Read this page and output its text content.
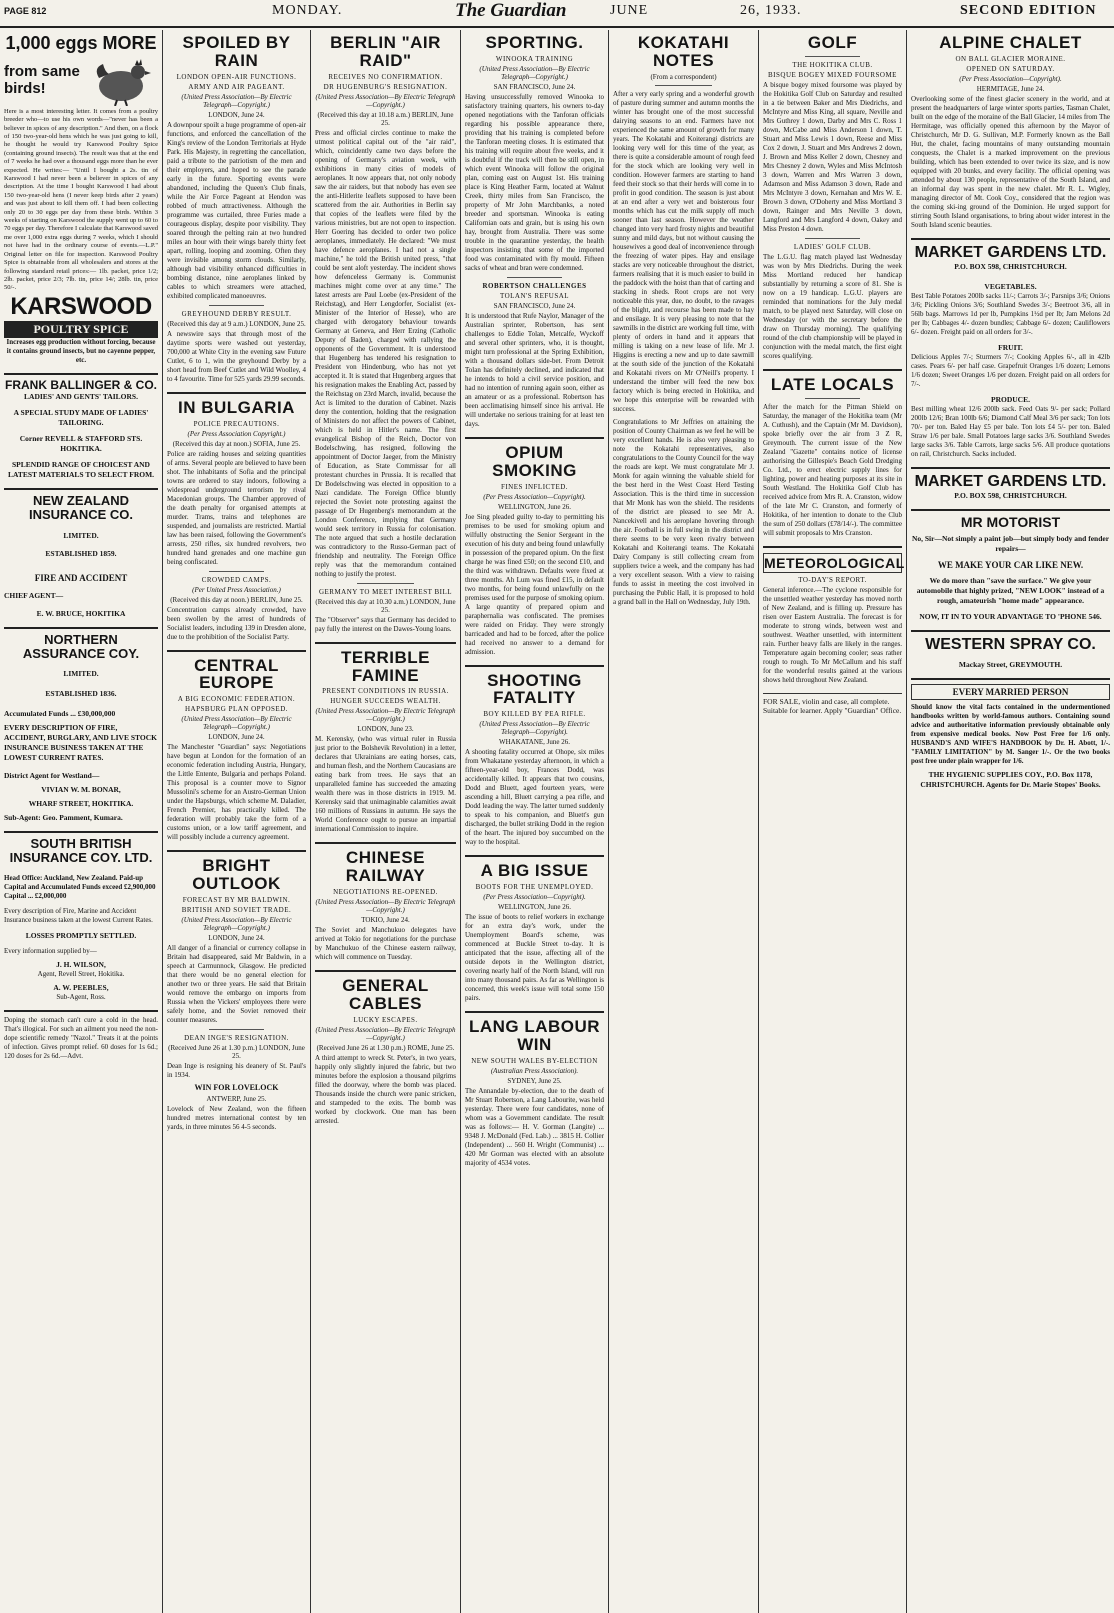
PAGE 812	MONDAY.	The Guardian	JUNE	26, 1933.	SECOND EDITION
1,000 eggs MORE
from same birds!

Here is a most interesting letter. It comes from a poultry breeder who—to use his own words—"never has been a believer in spices of any description." And then, on a flock of 150 two-year-old hens which he was just going to kill, he thought he would try Karswood Poultry Spice (containing ground insects). The result was that at the end of 7 weeks he had over a thousand eggs more than he ever expected. He writes:— "Until I bought a 2s. tin of Karswood I had never been a believer in spices of any description. At the time I bought Karswood I had about 150 two-year-old hens (I never keep birds after 2 years) and was just about to kill them off. I had been collecting only 20 to 30 eggs per day from these birds. Within 3 weeks of starting on Karswood the supply went up to 60 to 70 eggs per day. Therefore I calculate that Karswood saved me over 1,000 extra eggs during 7 weeks, which I should not have had in the ordinary course of events.—L.P." Original letter on file for inspection. Karswood Poultry Spice is obtainable from all wholesalers and stores at the following standard retail prices:— 1lb. packet, price 1/2; 2lb. packet, price 2/3; 7lb. tin, price 14/; 28lb. tin, price 50/-.

KARSWOOD
POULTRY SPICE
Increases egg production without forcing, because it contains ground insects, but no cayenne pepper, etc.
FRANK BALLINGER & CO.
LADIES' AND GENTS' TAILORS.
A SPECIAL STUDY MADE OF LADIES' TAILORING.
Corner REVELL & STAFFORD STS. HOKITIKA.
SPLENDID RANGE OF CHOICEST AND LATEST MATERIALS TO SELECT FROM.
NEW ZEALAND INSURANCE CO.
LIMITED.
ESTABLISHED 1859.
FIRE AND ACCIDENT
CHIEF AGENT—
E. W. BRUCE, HOKITIKA
NORTHERN ASSURANCE COY.
LIMITED.
ESTABLISHED 1836.
Accumulated Funds ... £30,000,000
EVERY DESCRIPTION OF FIRE, ACCIDENT, BURGLARY, AND LIVE STOCK INSURANCE BUSINESS TAKEN AT THE LOWEST CURRENT RATES.
District Agent for Westland—
VIVIAN W. M. BONAR,
WHARF STREET, HOKITIKA.
Sub-Agent: Geo. Pamment, Kumara.
SOUTH BRITISH INSURANCE COY. LTD.
Head Office: Auckland, New Zealand. Paid-up Capital and Accumulated Funds exceed £2,900,000 Capital ... £2,000,000
Every description of Fire, Marine and Accident Insurance business taken at the lowest Current Rates.
LOSSES PROMPTLY SETTLED.
Every information supplied by—
J. H. WILSON,
Agent, Revell Street, Hokitika.
A. W. PEEBLES,
Sub-Agent, Ross.

Doping the stomach can't cure a cold in the head. That's illogical. For such an ailment you need the non-dope scientific remedy "Nazol." Treats it at the points of infection. Gives prompt relief. 60 doses for 1s 6d.; 120 doses for 2s 6d.—Advt.

SPOILED BY RAIN
LONDON OPEN-AIR FUNCTIONS.
ARMY AND AIR PAGEANT.
(United Press Association—By Electric Telegraph—Copyright.)
LONDON, June 24.

A downpour spoilt a huge programme of open-air functions, and enforced the cancellation of the King's review of the London Territorials at Hyde Park. His Majesty, in regretting the cancellation, paid a tribute to the patriotism of the men and their employers, and hoped to see the parade early in the future. Sporting events were abandoned, including the Queen's Club finals, while the Air Force Pageant at Hendon was robbed of much attractiveness. Although the programme was curtailed, three Furies made a courageous display, despite poor visibility. They soared through the pelting rain at two hundred miles an hour with their wings barely thirty feet apart, rolling, looping and zooming. Often they were invisible among storm clouds. Similarly, although bad visibility enhanced difficulties in bombing distance, nine aeroplanes linked by cables to which streamers were attached, exhibited complicated manoeuvres.

GREYHOUND DERBY RESULT.
(Received this day at 9 a.m.) LONDON, June 25.

A newswire says that through most of the daytime sports were washed out yesterday, 700,000 at White City in the evening saw Future Cutlet, 6 to 1, win the greyhound Derby by a short head from Beef Cutlet and Wild Woolley, 4 to 4 favourite. Time for 525 yards 29.99 seconds.

IN BULGARIA
POLICE PRECAUTIONS.
(Per Press Association Copyright.)
(Received this day at noon.) SOFIA, June 25.

Police are raiding houses and seizing quantities of arms. Several people are believed to have been shot. The inhabitants of Sofia and the principal towns are ordered to stay indoors, following a widespread underground terrorism by rival Macedonian groups. The Chamber approved of the death penalty for organised attempts at murder. Trams, trains and telephones are suspended, and journalists are restricted. Martial law has been raised, following the Government's arrests, 250 rifles, six hundred revolvers, two hundred hand grenades and one machine gun being confiscated.

CROWDED CAMPS.
(Per United Press Association.)
(Received this day at noon.) BERLIN, June 25.

Concentration camps already crowded, have been swollen by the arrest of hundreds of Socialist leaders, including 139 in Dresden alone, due to the prohibition of the Socialist Party.

CENTRAL EUROPE
A BIG ECONOMIC FEDERATION.
HAPSBURG PLAN OPPOSED.
(United Press Association—By Electric Telegraph—Copyright.)
LONDON, June 24.

The Manchester "Guardian" says: Negotiations have begun at London for the formation of an economic federation including Austria, Hungary, the Little Entente, Bulgaria and perhaps Poland. This proposal is a counter move to Signor Mussolini's scheme for an Austro-German Union under the Hapsburgs, which scheme M. Daladier, French Premier, has practically killed. The federation will probably take the form of a customs union, or a low tariff agreement, and will possibly include a currency agreement.

BRIGHT OUTLOOK
FORECAST BY MR BALDWIN.
BRITISH AND SOVIET TRADE.
(United Press Association—By Electric Telegraph—Copyright.)
LONDON, June 24.

All danger of a financial or currency collapse in Britain had disappeared, said Mr Baldwin, in a speech at Carmunnock, Glasgow. He predicted that there would be no general election for another two or three years. He said that Britain would remove the embargo on imports from Russia when the Vickers' employees there were safely home, and the Soviet removed their counter measures.

DEAN INGE'S RESIGNATION.
(Received June 26 at 1.30 p.m.) LONDON, June 25.

Dean Inge is resigning his deanery of St. Paul's in 1934.

WIN FOR LOVELOCK
ANTWERP, June 25.

Lovelock of New Zealand, won the fifteen hundred metres international contest by ten yards, in three minutes 56 4-5 seconds.

BERLIN "AIR RAID"
RECEIVES NO CONFIRMATION.
DR HUGENBURG'S RESIGNATION.
(United Press Association—By Electric Telegraph—Copyright.)
(Received this day at 10.18 a.m.) BERLIN, June 25.

Press and official circles continue to make the utmost political capital out of the "air raid", which, coincidently came two days before the opening of Germany's aviation week, with exhibitions in many cities of models of aeroplanes. It now appears that, not only nobody saw the air raiders, but that nobody has even see the anti-Hitlerite leaflets supposed to have been scattered from the air. Authorities in Berlin say that copies of the leaflets were filed by the various ministries, but are not open to inspection. Herr Goering has decided to order two police aeroplanes, immediately. He declared: "We must have defence aeroplanes. I had not a single machine," he told the British united press, "that could be sent aloft yesterday. The incident shows how defenceless Germany is. Communist machines might come over at any time." The latest arrests are Paul Loebe (ex-President of the Reichstag), and Herr Lengdorfer, Socialist (ex-Minister of the Interior of Hesse), who are charged with derogatory behaviour towards Germany at Geneva, and Herr Erzing (Catholic Deputy of Baden), charged with rallying the opponents of the Government. It is understood that Hugenberg has tendered his resignation to President von Hindenburg, who has not yet accepted it. It is stated that Hugenberg argues that his resignation makes the Enabling Act, passed by the Reichstag on 23rd March, invalid, because the Act is limited to the duration of Cabinet. Nazis deny the contention, holding that the resignation of Ministers do not affect the powers of Cabinet, which is held in Hitler's name. The first evangelical Bishop of the Reich, Doctor von Bodelschwing, has resigned, following the appointment of Doctor Jaeger, from the Ministry of Education, as State Commissar for all protestant churches in Prussia. It is recalled that Dr Bodelschwing was elected in opposition to a Nazi candidate. The Foreign Office bluntly rejected the Soviet note protesting against the passage of Dr Hugenberg's memorandum at the London Conference, implying that Germany would seek territory in Russia for colonisation. The note argued that such a hostile declaration was contradictory to the Russo-German pact of friendship and neutrality. The Foreign Office reply was that the memorandum contained nothing to justify the protest.

GERMANY TO MEET INTEREST BILL
(Received this day at 10.30 a.m.) LONDON, June 25.

The "Observer" says that Germany has decided to pay fully the interest on the Dawes-Young loans.

TERRIBLE FAMINE
PRESENT CONDITIONS IN RUSSIA.
HUNGER SUCCEEDS WEALTH.
(United Press Association—By Electric Telegraph—Copyright.)
LONDON, June 23.

M. Kerensky, (who was virtual ruler in Russia just prior to the Bolshevik Revolution) in a letter, declares that Ukrainians are eating horses, cats, and human flesh, and the Northern Caucasians are eating bark from trees. He says that an unparalleled famine has succeeded the amazing wealth there was in those districts in 1919. M. Kerensky said that unimaginable calamities await 160 millions of Russians in autumn. He says the World Conference ought to pursue an impartial international Commission to inquire.

CHINESE RAILWAY
NEGOTIATIONS RE-OPENED.
(United Press Association—By Electric Telegraph—Copyright.)
TOKIO, June 24.

The Soviet and Manchukuo delegates have arrived at Tokio for negotiations for the purchase by Manchukuo of the Chinese eastern railway, which will commence on Tuesday.

GENERAL CABLES
LUCKY ESCAPES.
(United Press Association—By Electric Telegraph—Copyright.)
(Received June 26 at 1.30 p.m.) ROME, June 25.

A third attempt to wreck St. Peter's, in two years, happily only slightly injured the fabric, but two minutes before the explosion a thousand pilgrims filled the doorway, where the bomb was placed. Thousands inside the church were panic stricken, and stampeded to the exits. The bomb was worked by clockwork. One man has been arrested.

SPORTING.
WINOOKA TRAINING
(United Press Association—By Electric Telegraph—Copyright.)
SAN FRANCISCO, June 24.

Having unsuccessfully removed Winooka to satisfactory training quarters, his owners to-day opened negotiations with the Tanforan officials regarding his possible appearance there, providing that his training is completed before the Tanforan meeting closes. It is estimated that his training will require about five weeks, and it is doubtful if the track will then be still open, in which event Winooka will follow the original plan, coming east on August 1st. His training place is King Heather Farm, located at Walnut Creek, thirty miles from San Francisco, the property of Mr John Marchbanks, a noted breeder and sportsman. Winooka is eating Californian oats and grain, but is using his own hay, brought from Australia. There was some trouble in the quarantine yesterday, the health inspectors insisting that some of the imported food was contaminated with fly mould. Fifteen sacks of wheat and bran were condemned.

ROBERTSON CHALLENGES
TOLAN'S REFUSAL
SAN FRANCISCO, June 24.

It is understood that Rufe Naylor, Manager of the Australian sprinter, Robertson, has sent challenges to Eddie Tolan, Metcalfe, Wyckoff and several other sprinters, who, it is thought, might turn professional at the Spring Exhibition, with a thousand dollars side-bet. From Detroit Tolan has definitely declined, and indicated that he intends to hold a civil service position, and had no intention of running again soon, either as an amateur or as a professional. Robertson has been acclimatising himself since his arrival. He will undertake no serious training for at least ten days.

OPIUM SMOKING
FINES INFLICTED.
(Per Press Association—Copyright).
WELLINGTON, June 26.

Joe Sing pleaded guilty to-day to permitting his premises to be used for smoking opium and wilfully obstructing the Senior Sergeant in the execution of his duty and being found unlawfully in possession of the prepared opium. On the first charge he was fined £50; on the second £10, and the third was withdrawn. Defaults were fixed at three months. Ah Lum was fined £15, in default two months, for being found unlawfully on the premises used for the purpose of smoking opium. A large quantity of prepared opium and paraphernalia was confiscated. The premises were raided on Friday. They were strongly barricaded and had to be forced, after the police had received no answer to a demand for admission.

SHOOTING FATALITY
BOY KILLED BY PEA RIFLE.
(United Press Association—By Electric Telegraph—Copyright).
WHAKATANE, June 26.

A shooting fatality occurred at Ohope, six miles from Whakatane yesterday afternoon, in which a fifteen-year-old boy, Frances Dodd, was accidentally killed. It appears that two cousins, Dodd and Bluett, aged fourteen years, were ascending a hill, Bluett carrying a pea rifle, and Dodd leading the way. The latter turned suddenly to speak to his companion, and Bluett's gun discharged, the bullet striking Dodd in the region of the heart. The injured boy succumbed on the way to the hospital.

A BIG ISSUE
BOOTS FOR THE UNEMPLOYED.
(Per Press Association—Copyright).
WELLINGTON, June 26.

The issue of boots to relief workers in exchange for an extra day's work, under the Unemployment Board's scheme, was commenced at Buckle Street to-day. It is anticipated that the issue, affecting all of the outside depots in the Wellington district, covering nearly half of the North Island, will run into many thousand pairs. As far as Wellington is concerned, this week's issue will total some 150 pairs.

LANG LABOUR WIN
NEW SOUTH WALES BY-ELECTION
(Australian Press Association).
SYDNEY, June 25.

The Annandale by-election, due to the death of Mr Stuart Robertson, a Lang Labourite, was held yesterday. There were four candidates, none of whom was a Government candidate. The result was as follows:— H. V. Gorman (Langite) ... 9348 J. McDonald (Fed. Lab.) ... 3815 H. Collier (Independent) ... 560 H. Wright (Communist) ... 420 Mr Gorman was elected with an absolute majority of 4534 votes.

KOKATAHI NOTES
(From a correspondent)

After a very early spring and a wonderful growth of pasture during summer and autumn months the winter has brought one of the most successful dairying seasons to an end. Farmers have not experienced the same amount of growth for many years. The Kokatahi and Koiterangi districts are looking very well for this time of the year, as there is quite a considerable amount of rough feed for the stock which are looking very well in condition. However farmers are starting to hand feed their stock so that their herds will come in to profit in good condition. The season is just about at an end after a very wet and boisterous four months which has cut the milk supply off much sooner than last season. However the weather changed into very hard frosty nights and beautiful sunny and mild days, but not without causing the housewives a good deal of inconvenience through the freezing of water pipes. Hay and ensilage stacks are very noticeable throughout the district, farmers realising that it is much easier to build in the paddock with the hoist than that of carting and stacking in sheds. Root crops are not very noticeable this year, due, no doubt, to the ravages of the blight, and recourse has been made to hay and ensilage. It is very pleasing to note that the sawmills in the district are working full time, with plenty of orders in hand and it appears that milling is taking on a new lease of life. Mr J. Higgins is erecting a new and up to date sawmill at the south side of the junction of the Kokatahi and Kokatahi rivers on Mr O'Neill's property. I understand the timber will feed the new box factory which is being erected in Hokitika, and we hope this enterprise will be rewarded with success.

Congratulations to Mr Jeffries on attaining the position of County Chairman as we feel he will be very excellent hands. He is also very pleasing to note the Kokatahi representatives, also congratulations to the County Council for the way the roads are kept. We must congratulate Mr J. Monk for again winning the valuable shield for the best herd in the West Coast Herd Testing Association. This is the third time in succession that Mr Monk has won the shield. The residents of the district are pleased to see Mr A. Nancekivell and his aeroplane hovering through the air. Football is in full swing in the district and there seems to be very keen rivalry between Kokatahi and Koiterangi teams. The Kokatahi Dairy Company is still collecting cream from suppliers twice a week, and the company has had a very excellent season. With a view to raising funds to assist in meeting the cost involved in purchasing the Public Hall, it is proposed to hold a grand ball in the Hall on Wednesday, July 19th.

GOLF
THE HOKITIKA CLUB.
BISQUE BOGEY MIXED FOURSOME

A bisque bogey mixed foursome was played by the Hokitika Golf Club on Saturday and resulted in a tie between Baker and Mrs Diedrichs, and McIntyre and Miss King, all square, Neville and Mrs Guthrey 1 down, Darby and Mrs C. Ross 1 down, McCabe and Miss Anderson 1 down, T. Stuart and Miss Lewis 1 down, Reese and Miss Cox 2 down, J. Stuart and Mrs Andrews 2 down, J. Brown and Miss Keller 2 down, Chesney and Mrs Chesney 2 down, Wyles and Miss McIntosh 3 down, Warren and Mrs Warren 3 down, Adamson and Miss Adamson 3 down, Rade and Mrs McIntyre 3 down, Kernahan and Mrs W. E. Brown 3 down, O'Doherty and Miss Mortland 3 down, Rainger and Mrs Neville 3 down, Langford and Mrs Langford 4 down, Oakey and Miss Preston 4 down.

LADIES' GOLF CLUB.

The L.G.U. flag match played last Wednesday was won by Mrs Diedrichs. During the week Miss Mortland reduced her handicap substantially by returning a score of 81. She is now on a 19 handicap. L.G.U. players are reminded that nominations for the July medal match, to be played next Saturday, will close on Wednesday (or with the secretary before the draw on Thursday morning). The qualifying round of the club championship will be played in conjunction with the medal match, the first eight scores qualifying.

LATE LOCALS

After the match for the Pitman Shield on Saturday, the manager of the Hokitika team (Mr A. Cuthush), and the Captain (Mr M. Davidson), spoke briefly over the air from 3 Z R, Greymouth. The current issue of the New Zealand "Gazette" contains notice of license authorising the Gillespie's Beach Gold Dredging Co. Ltd., to erect electric supply lines for lighting, power and heating purposes at its site in South Westland. The Hokitika Golf Club has received advice from Mrs R. A. Cranston, widow of the late Mr C. Cranston, and formerly of Hokitika, of her intention to donate to the Club the sum of 250 dollars (£78/14/-). The committee will submit proposals to Mrs Cranston.

METEOROLOGICAL
TO-DAY'S REPORT.

General inference.—The cyclone responsible for the unsettled weather yesterday has moved north of New Zealand, and is filling up. Pressure has risen over Eastern Australia. The forecast is for moderate to strong winds, between west and southwest. Weather unsettled, with intermittent rain. Further heavy falls are likely in the ranges. Temperature again becoming cooler; seas rather rough to rough. To Mr McCallum and his staff for the wonderful results gained at the various shows held throughout New Zealand.

FOR SALE, violin and case, all complete. Suitable for learner. Apply "Guardian" Office.
ALPINE CHALET
ON BALL GLACIER MORAINE.
OPENED ON SATURDAY.
(Per Press Association—Copyright).
HERMITAGE, June 24.

Overlooking some of the finest glacier scenery in the world, and at present the headquarters of large winter sports parties, Tasman Chalet, built on the edge of the moraine of the Ball Glacier, 14 miles from The Hermitage, was officially opened this afternoon by the Mayor of Christchurch, Mr D. G. Sullivan, M.P. Formerly known as the Ball Hut, the chalet, facing mountains of many outstanding mountain conquests, the Chalet is a marked improvement on the previous building, which has been extended to over twice its size, and is now equipped with 20 bunks, and every facility. The official opening was attended by about 130 people, representative of the South Island, and an informal day was spent in the new chalet. Mr R. L. Wigley, managing director of Mt. Cook Coy., considered that the region was the coming ski-ing ground of the Dominion. He urged support for stirring South Island organisations, to bring about wider interest in the South Island scenic beauties.

MARKET GARDENS LTD.
P.O. BOX 598, CHRISTCHURCH.
VEGETABLES.

Best Table Potatoes 200lb sacks 11/-; Carrots 3/-; Parsnips 3/6; Onions 3/6; Pickling Onions 3/6; Southland Swedes 3/-; Beetroot 3/6, all in 56lb bags. Marrows 1d per lb, Pumpkins 1½d per lb; Jam Melons 2d per lb; Cabbages 4/- dozen bundles; Cabbage 6/- dozen; Cauliflowers 6/- dozen. Freight paid on all orders for 3/-.

FRUIT.

Delicious Apples 7/-; Sturmers 7/-; Cooking Apples 6/-, all in 42lb cases. Pears 6/- per half case. Grapefruit Oranges 1/6 dozen; Lemons 1/6 dozen; Sweet Oranges 1/6 per dozen. Freight paid on all orders for 7/-.

PRODUCE.

Best milling wheat 12/6 200lb sack. Feed Oats 9/- per sack; Pollard 200lb 12/6; Bran 100lb 6/6; Diamond Calf Meal 3/6 per sack; Ton lots 70/- per ton. Baled Hay £5 per bale. Ton lots £4 5/- per ton. Baled Straw 1/6 per bale. Small Potatoes large sacks 3/6. Southland Swedes large sacks 3/6. Table Carrots, large sacks 5/6. All produce quotations on rail, Christchurch. Sacks included.

MARKET GARDENS LTD.
P.O. BOX 598, CHRISTCHURCH.
MR MOTORIST
No, Sir—Not simply a paint job—but simply body and fender repairs—
WE MAKE YOUR CAR LIKE NEW.
We do more than "save the surface." We give your automobile that highly prized, "NEW LOOK" instead of a rough, amateurish "home made" appearance.
NOW, IT IN TO YOUR ADVANTAGE TO 'PHONE 546.
WESTERN SPRAY CO.
Mackay Street, GREYMOUTH.
EVERY MARRIED PERSON

Should know the vital facts contained in the undermentioned handbooks written by world-famous authors. Containing sound advice and authoritative information previously obtainable only from expensive medical books. Now Post Free for 1/6 only. HUSBAND'S AND WIFE'S HANDBOOK by Dr. H. Abott, 1/-. "FAMILY LIMITATION" by M. Sanger 1/-. Or the two books post free under plain wrapper for 1/6.

THE HYGIENIC SUPPLIES COY., P.O. Box 1178, CHRISTCHURCH. Agents for Dr. Marie Stopes' Books.
